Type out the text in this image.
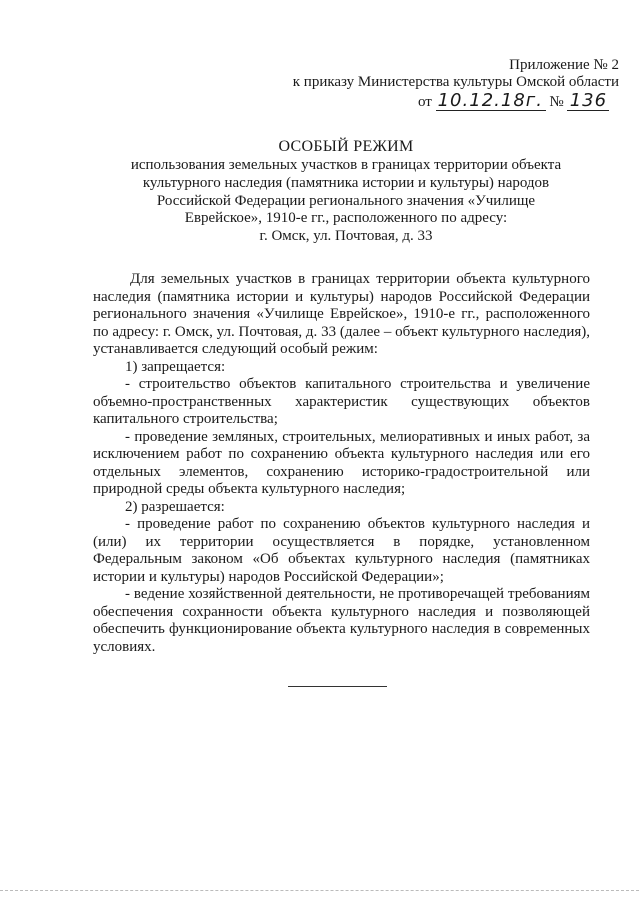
Приложение № 2
к приказу Министерства культуры Омской области
от 10.12.18г. № 136
ОСОБЫЙ РЕЖИМ
использования земельных участков в границах территории объекта
культурного наследия (памятника истории и культуры) народов
Российской Федерации регионального значения «Училище
Еврейское», 1910-е гг., расположенного по адресу:
г. Омск, ул. Почтовая, д. 33

Для земельных участков в границах территории объекта культурного наследия (памятника истории и культуры) народов Российской Федерации регионального значения «Училище Еврейское», 1910-е гг., расположенного по адресу: г. Омск, ул. Почтовая, д. 33 (далее – объект культурного наследия), устанавливается следующий особый режим:

1) запрещается:

- строительство объектов капитального строительства и увеличение объемно-пространственных характеристик существующих объектов капитального строительства;

- проведение земляных, строительных, мелиоративных и иных работ, за исключением работ по сохранению объекта культурного наследия или его отдельных элементов, сохранению историко-градостроительной или природной среды объекта культурного наследия;

2) разрешается:

- проведение работ по сохранению объектов культурного наследия и (или) их территории осуществляется в порядке, установленном Федеральным законом «Об объектах культурного наследия (памятниках истории и культуры) народов Российской Федерации»;

- ведение хозяйственной деятельности, не противоречащей требованиям обеспечения сохранности объекта культурного наследия и позволяющей обеспечить функционирование объекта культурного наследия в современных условиях.
